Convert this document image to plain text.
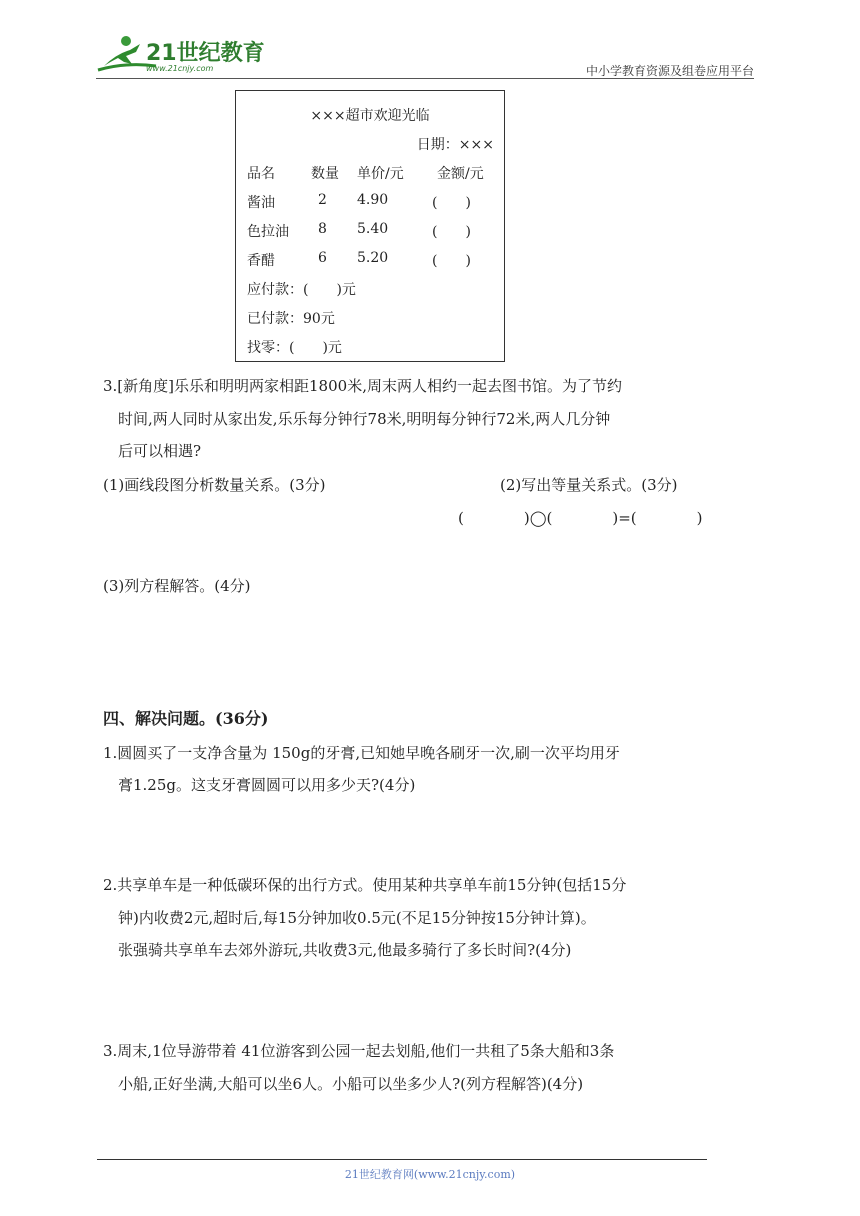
21世纪教育
www.21cnjy.com	中小学教育资源及组卷应用平台
×××超市欢迎光临
日期：×××
品名	数量 单价/元 金额/元
酱油	2 4.90	(　　)
色拉油 8 5.40	(　　)
香醋	6 5.20	(　　)
应付款：(　　)元
已付款：90元
找零：(　　)元
3.[新角度]乐乐和明明两家相距1800米,周末两人相约一起去图书馆。为了节约
时间,两人同时从家出发,乐乐每分钟行78米,明明每分钟行72米,两人几分钟
后可以相遇?
(1)画线段图分析数量关系。(3分)	(2)写出等量关系式。(3分)
(　　　　)◯(　　　　)=(　　　　)
(3)列方程解答。(4分)
四、解决问题。(36分)
1.圆圆买了一支净含量为 150g的牙膏,已知她早晚各刷牙一次,刷一次平均用牙
膏1.25g。这支牙膏圆圆可以用多少天?(4分)
2.共享单车是一种低碳环保的出行方式。使用某种共享单车前15分钟(包括15分
钟)内收费2元,超时后,每15分钟加收0.5元(不足15分钟按15分钟计算)。
张强骑共享单车去郊外游玩,共收费3元,他最多骑行了多长时间?(4分)
3.周末,1位导游带着 41位游客到公园一起去划船,他们一共租了5条大船和3条
小船,正好坐满,大船可以坐6人。小船可以坐多少人?(列方程解答)(4分)
21世纪教育网(www.21cnjy.com)
